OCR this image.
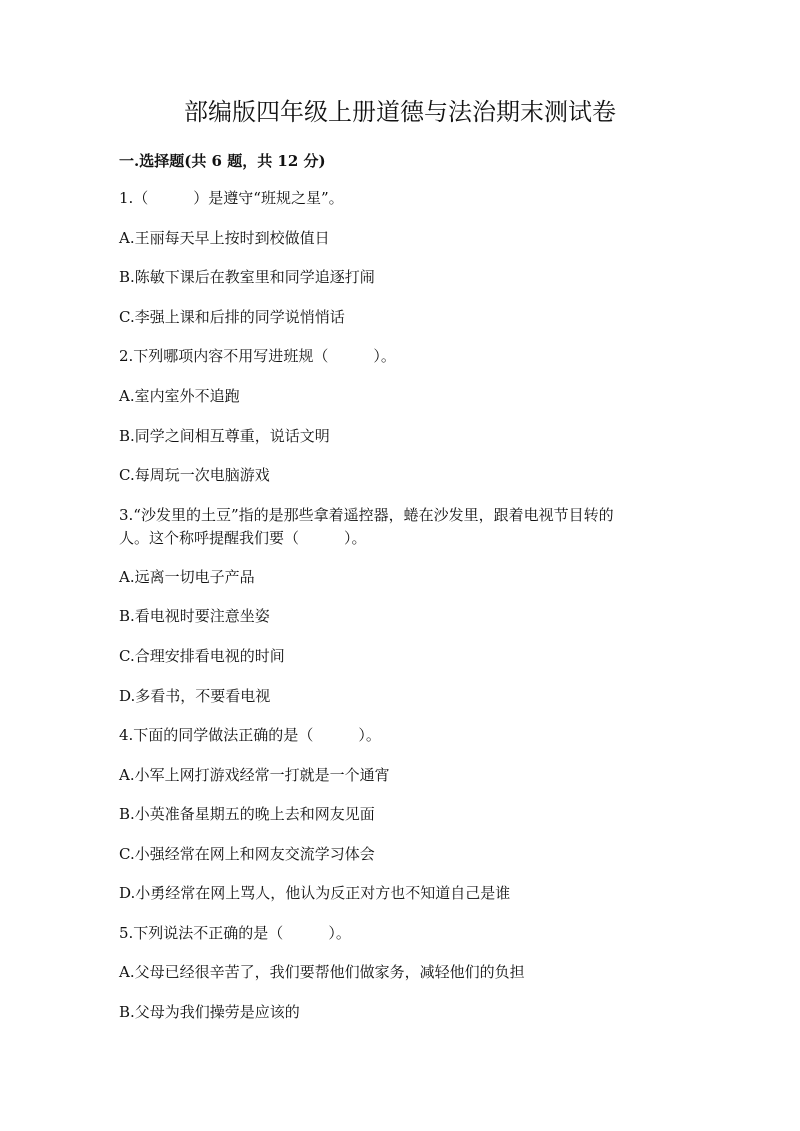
部编版四年级上册道德与法治期末测试卷

一.选择题(共 6 题，共 12 分)

1.（　　　）是遵守“班规之星”。

A.王丽每天早上按时到校做值日

B.陈敏下课后在教室里和同学追逐打闹

C.李强上课和后排的同学说悄悄话

2.下列哪项内容不用写进班规（　　　）。

A.室内室外不追跑

B.同学之间相互尊重，说话文明

C.每周玩一次电脑游戏

3.“沙发里的土豆”指的是那些拿着遥控器，蜷在沙发里，跟着电视节目转的

人。这个称呼提醒我们要（　　　）。

A.远离一切电子产品

B.看电视时要注意坐姿

C.合理安排看电视的时间

D.多看书，不要看电视

4.下面的同学做法正确的是（　　　）。

A.小军上网打游戏经常一打就是一个通宵

B.小英准备星期五的晚上去和网友见面

C.小强经常在网上和网友交流学习体会

D.小勇经常在网上骂人，他认为反正对方也不知道自己是谁

5.下列说法不正确的是（　　　）。

A.父母已经很辛苦了，我们要帮他们做家务，减轻他们的负担

B.父母为我们操劳是应该的
